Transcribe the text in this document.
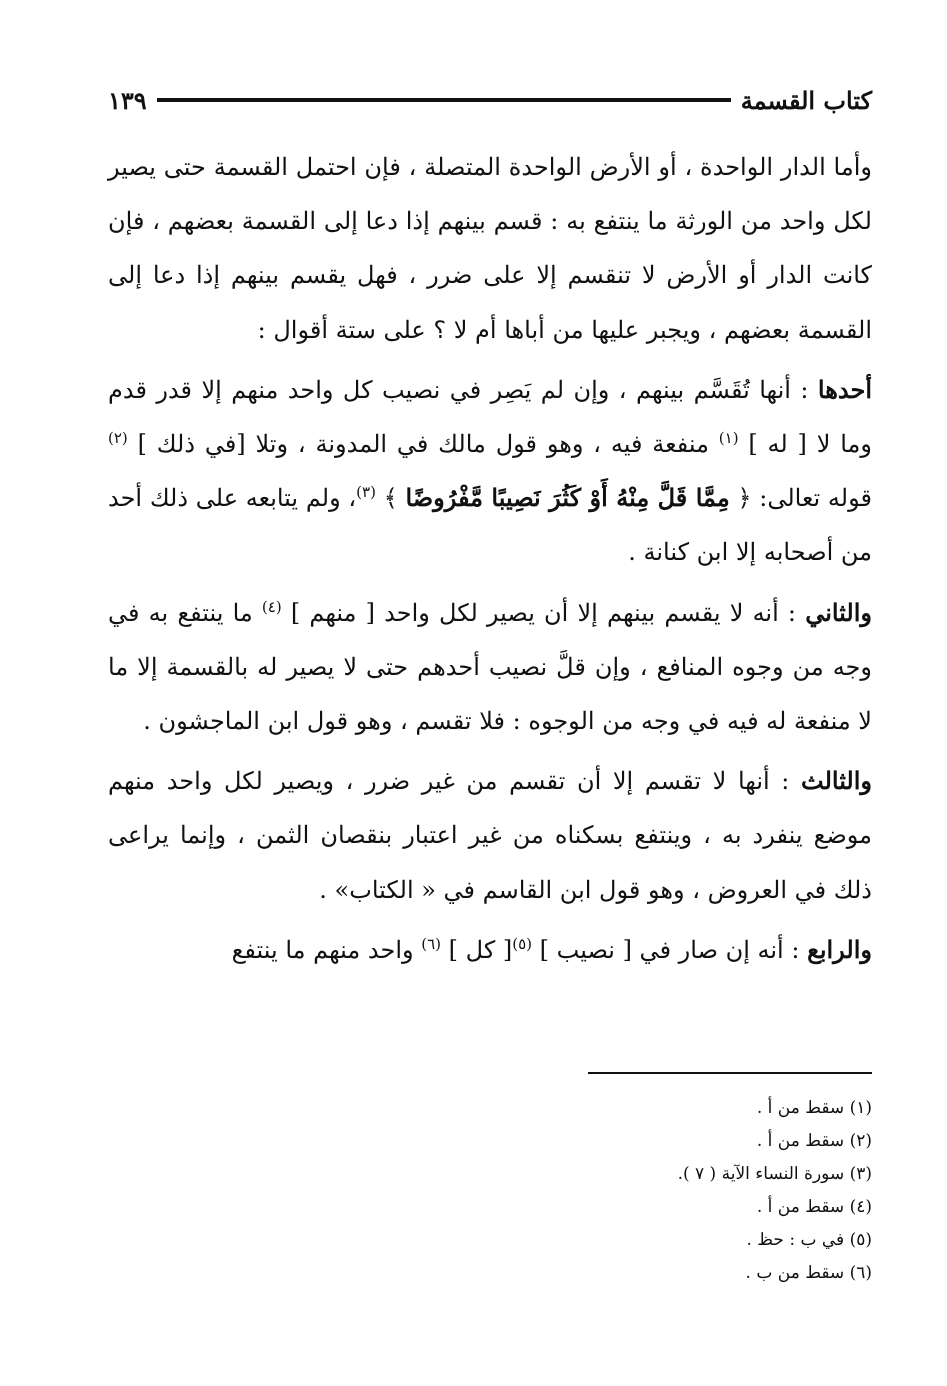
كتاب القسمة
١٣٩

وأما الدار الواحدة ، أو الأرض الواحدة المتصلة ، فإن احتمل القسمة حتى يصير لكل واحد من الورثة ما ينتفع به : قسم بينهم إذا دعا إلى القسمة بعضهم ، فإن كانت الدار أو الأرض لا تنقسم إلا على ضرر ، فهل يقسم بينهم إذا دعا إلى القسمة بعضهم ، ويجبر عليها من أباها أم لا ؟ على ستة أقوال :

أحدها : أنها تُقَسَّم بينهم ، وإن لم يَصِر في نصيب كل واحد منهم إلا قدر قدم وما لا [ له ] $^{(١)}$ منفعة فيه ، وهو قول مالك في المدونة ، وتلا [في ذلك ] $^{(٢)}$ قوله تعالى: ﴿ مِمَّا قَلَّ مِنْهُ أَوْ كَثُرَ نَصِيبًا مَّفْرُوضًا ﴾ $^{(٣)}$، ولم يتابعه على ذلك أحد من أصحابه إلا ابن كنانة .

والثاني : أنه لا يقسم بينهم إلا أن يصير لكل واحد [ منهم ] $^{(٤)}$ ما ينتفع به في وجه من وجوه المنافع ، وإن قلَّ نصيب أحدهم حتى لا يصير له بالقسمة إلا ما لا منفعة له فيه في وجه من الوجوه : فلا تقسم ، وهو قول ابن الماجشون .

والثالث : أنها لا تقسم إلا أن تقسم من غير ضرر ، ويصير لكل واحد منهم موضع ينفرد به ، وينتفع بسكناه من غير اعتبار بنقصان الثمن ، وإنما يراعى ذلك في العروض ، وهو قول ابن القاسم في « الكتاب» .

والرابع : أنه إن صار في [ نصيب ] $^{(٥)}$[ كل ] $^{(٦)}$ واحد منهم ما ينتفع

(١) سقط من أ .
(٢) سقط من أ .
(٣) سورة النساء الآية ( ٧ ).
(٤) سقط من أ .
(٥) في ب : حظ .
(٦) سقط من ب .
